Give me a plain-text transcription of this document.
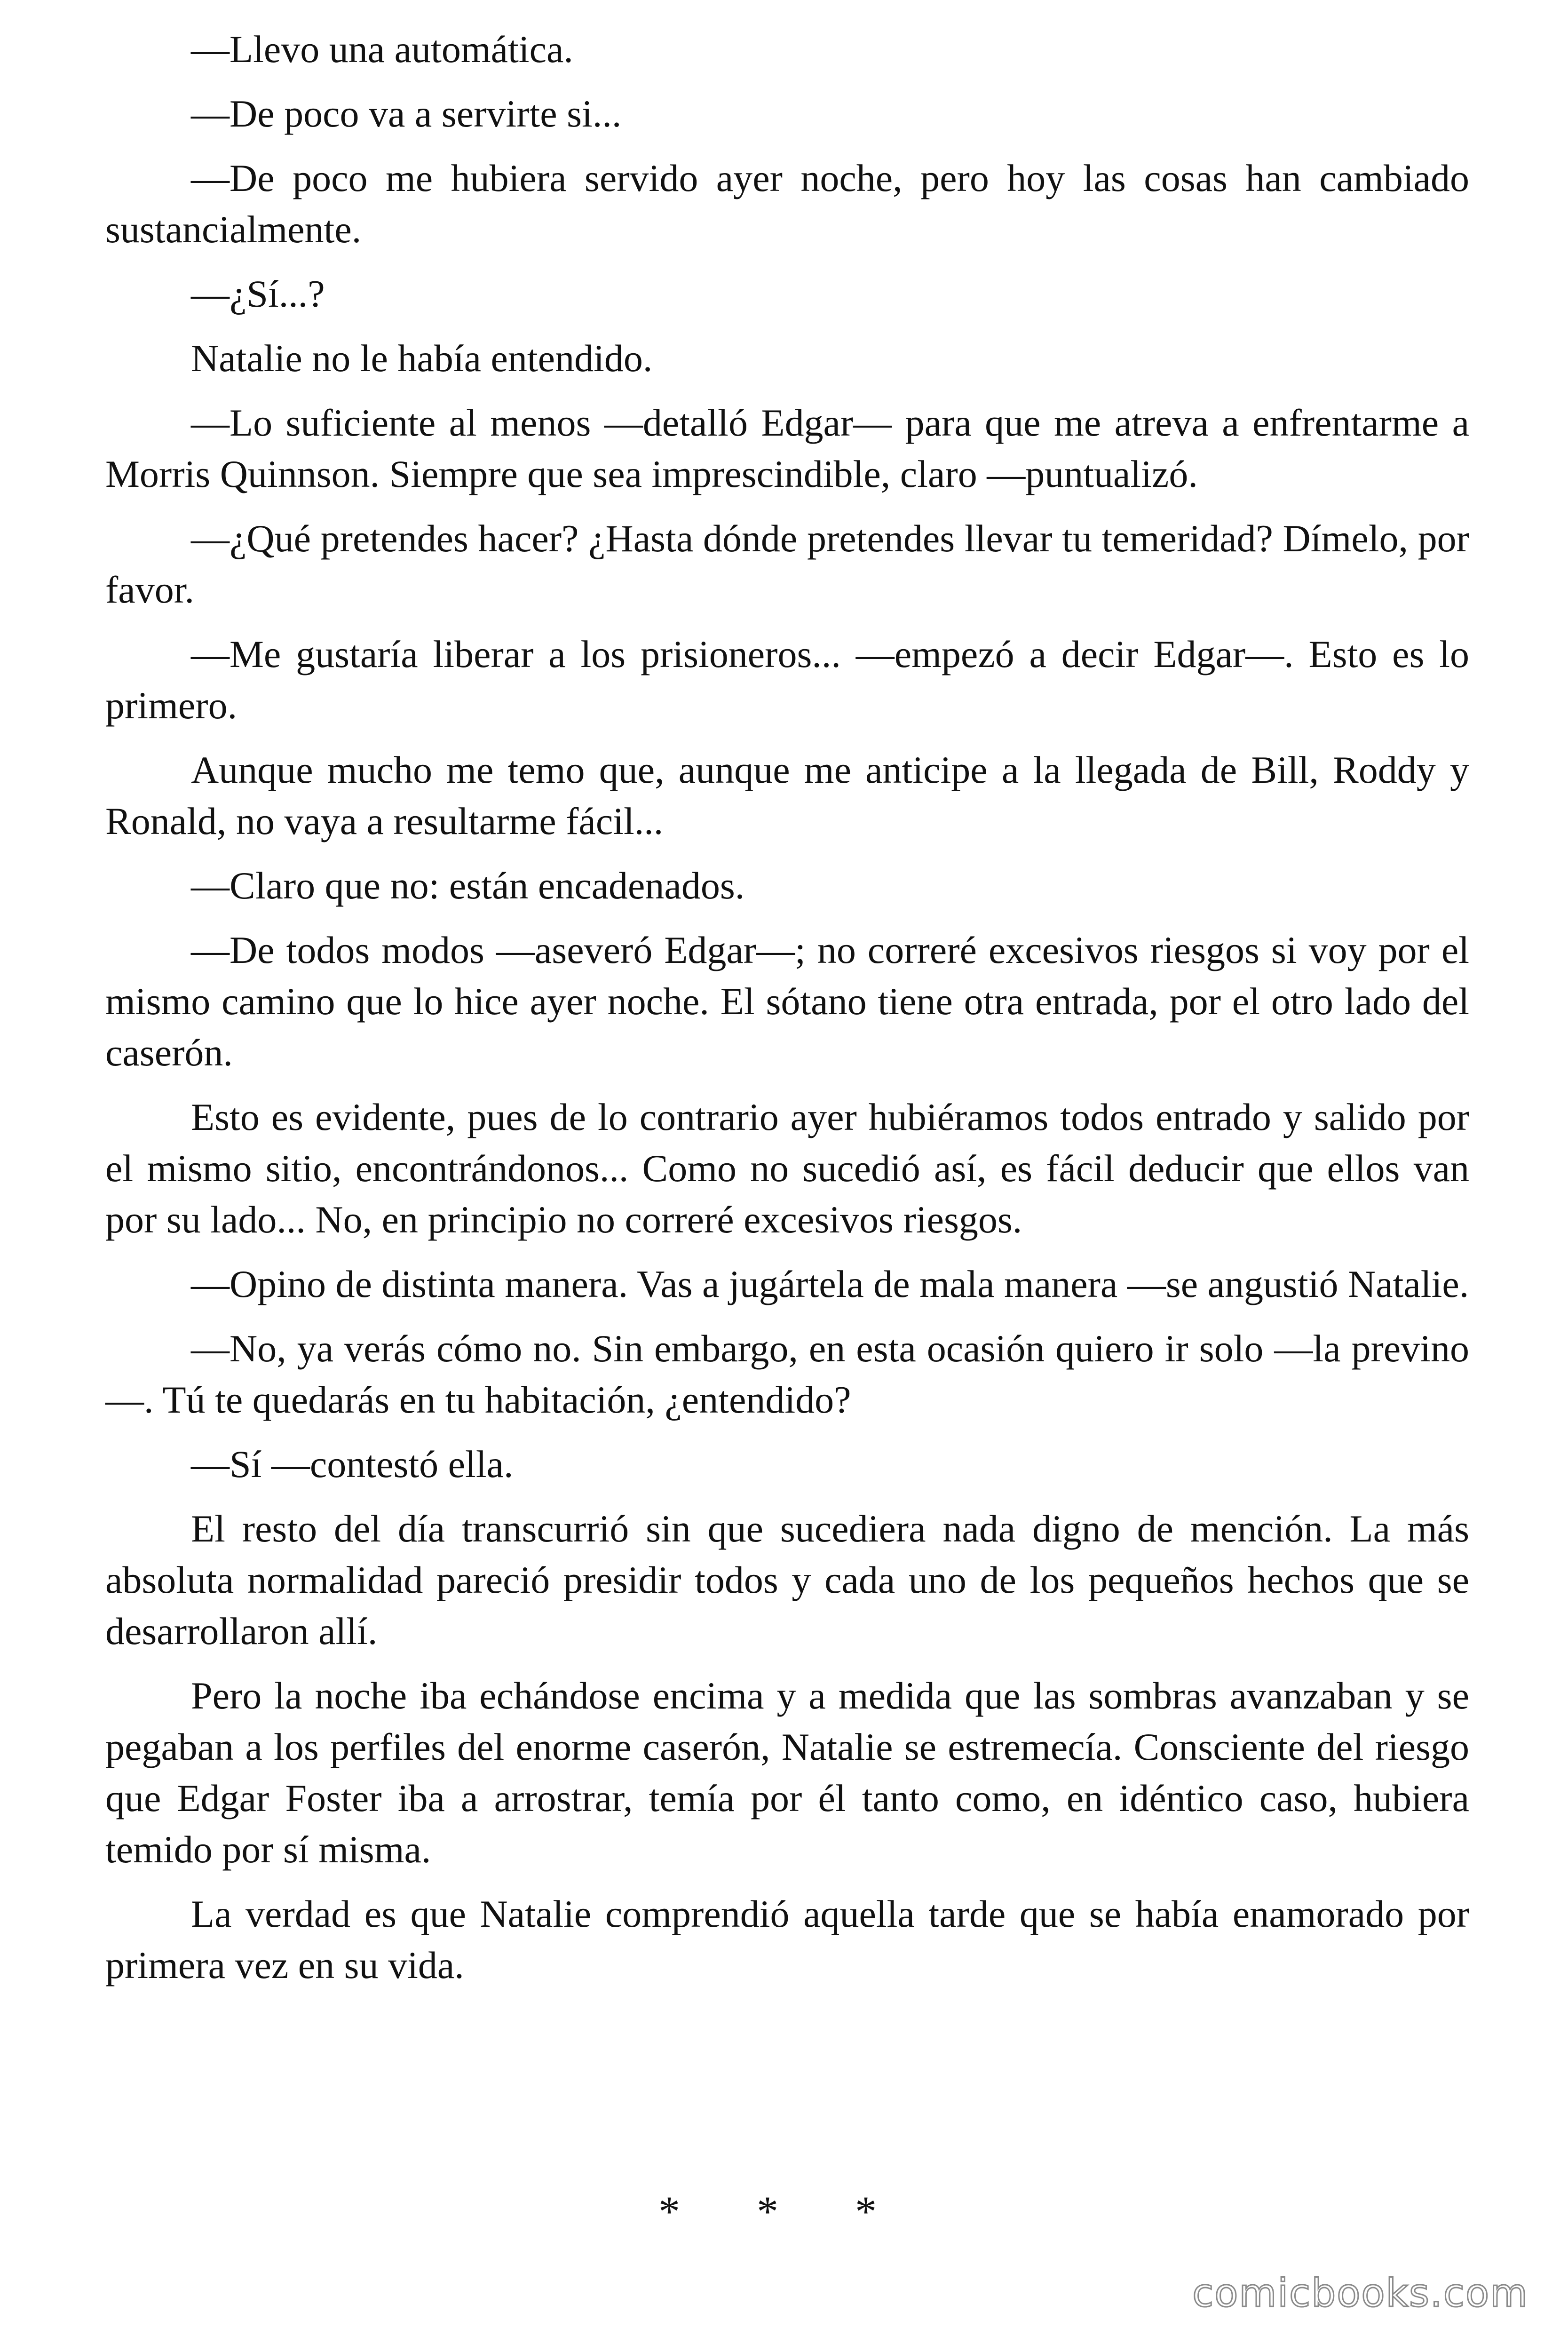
—Llevo una automática.

—De poco va a servirte si...

—De poco me hubiera servido ayer noche, pero hoy las cosas han cambiado sustancialmente.

—¿Sí...?

Natalie no le había entendido.

—Lo suficiente al menos —detalló Edgar— para que me atreva a enfrentarme a Morris Quinnson. Siempre que sea imprescindible, claro —puntualizó.

—¿Qué pretendes hacer? ¿Hasta dónde pretendes llevar tu temeridad? Dímelo, por favor.

—Me gustaría liberar a los prisioneros... —empezó a decir Edgar—. Esto es lo primero.

Aunque mucho me temo que, aunque me anticipe a la llegada de Bill, Roddy y Ronald, no vaya a resultarme fácil...

—Claro que no: están encadenados.

—De todos modos —aseveró Edgar—; no correré excesivos riesgos si voy por el mismo camino que lo hice ayer noche. El sótano tiene otra entrada, por el otro lado del caserón.

Esto es evidente, pues de lo contrario ayer hubiéramos todos entrado y salido por el mismo sitio, encontrándonos... Como no sucedió así, es fácil deducir que ellos van por su lado... No, en principio no correré excesivos riesgos.

—Opino de distinta manera. Vas a jugártela de mala manera —se angustió Natalie.

—No, ya verás cómo no. Sin embargo, en esta ocasión quiero ir solo —la previno—. Tú te quedarás en tu habitación, ¿entendido?

—Sí —contestó ella.

El resto del día transcurrió sin que sucediera nada digno de mención. La más absoluta normalidad pareció presidir todos y cada uno de los pequeños hechos que se desarrollaron allí.

Pero la noche iba echándose encima y a medida que las sombras avanzaban y se pegaban a los perfiles del enorme caserón, Natalie se estremecía. Consciente del riesgo que Edgar Foster iba a arrostrar, temía por él tanto como, en idéntico caso, hubiera temido por sí misma.

La verdad es que Natalie comprendió aquella tarde que se había enamorado por primera vez en su vida.

* * *
comicbooks.com
